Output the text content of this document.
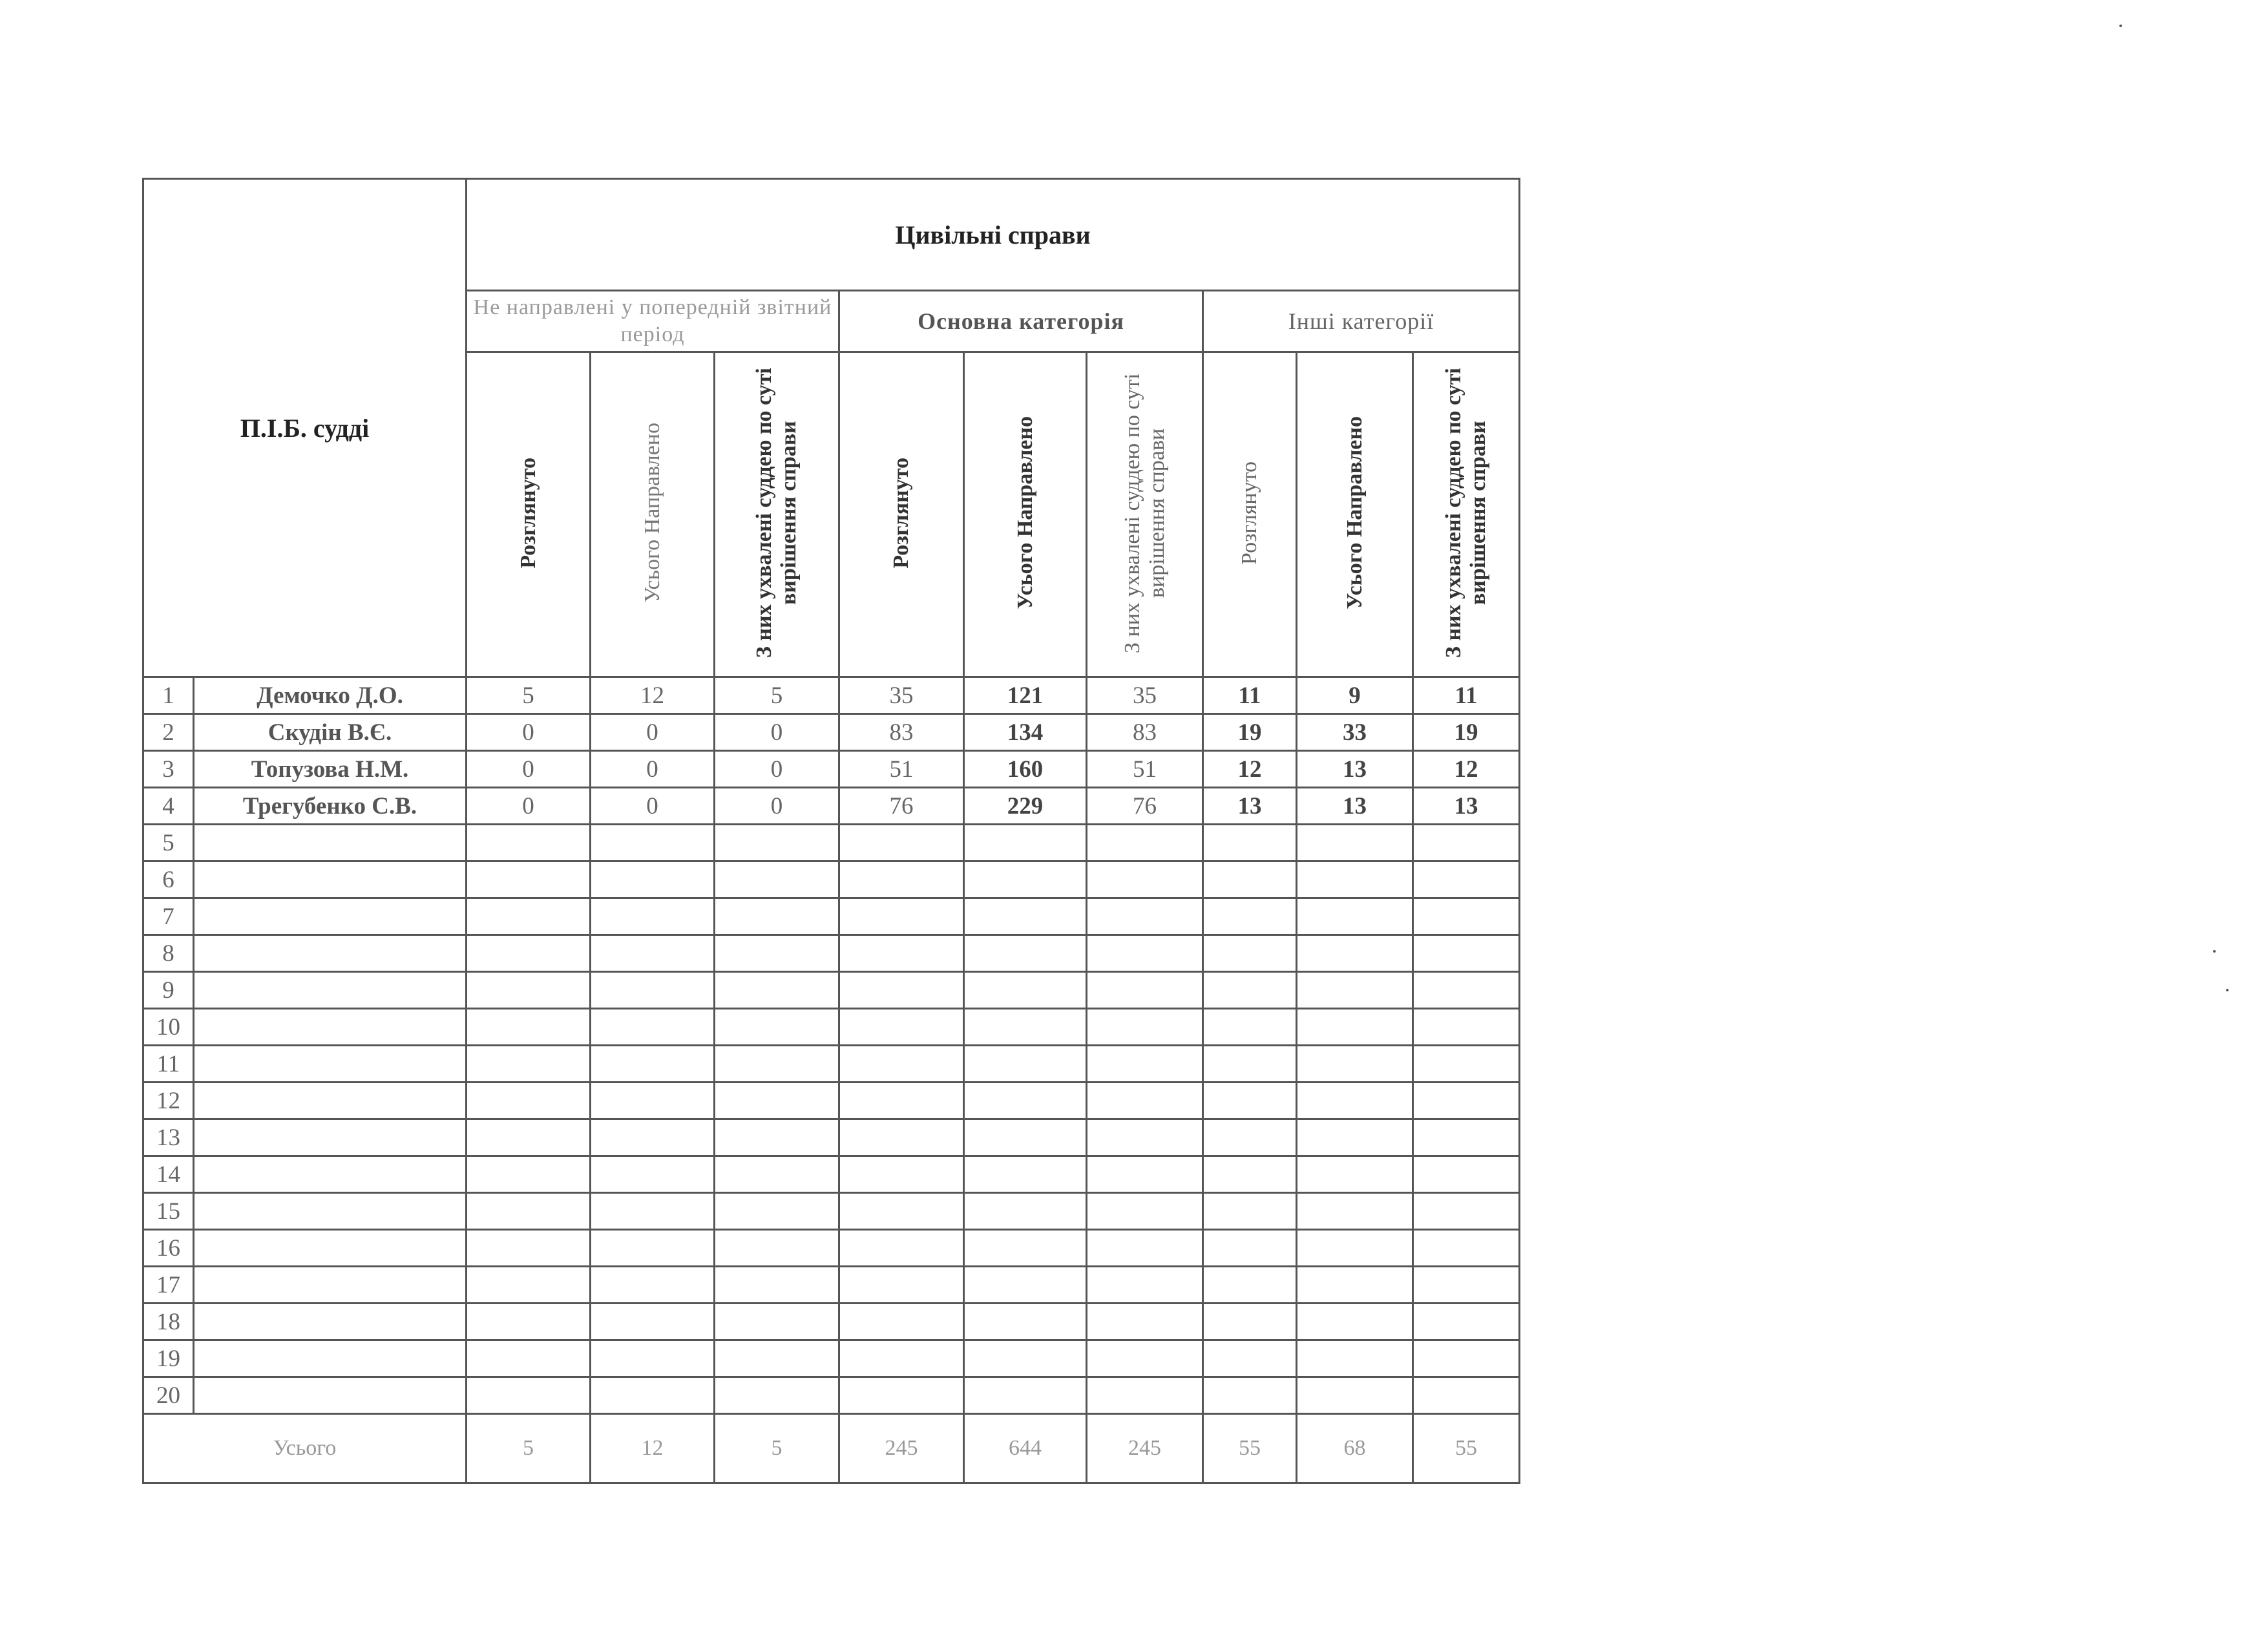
П.І.Б. судді		Цивільні справи								
		Не направлені у попередній звітний період			Основна категорія			Інші категорії		
		Розглянуто	Усього Направлено	З них ухвалені суддею по суті вирішення справи	Розглянуто	Усього Направлено	З них ухвалені суддею по суті вирішення справи	Розглянуто	Усього Направлено	З них ухвалені суддею по суті вирішення справи
1	Демочко Д.О.	5	12	5	35	121	35	11	9	11
2	Скудін В.Є.	0	0	0	83	134	83	19	33	19
3	Топузова Н.М.	0	0	0	51	160	51	12	13	12
4	Трегубенко С.В.	0	0	0	76	229	76	13	13	13
5										
6										
7										
8										
9										
10										
11										
12										
13										
14										
15										
16										
17										
18										
19										
20										
Усього		5	12	5	245	644	245	55	68	55
